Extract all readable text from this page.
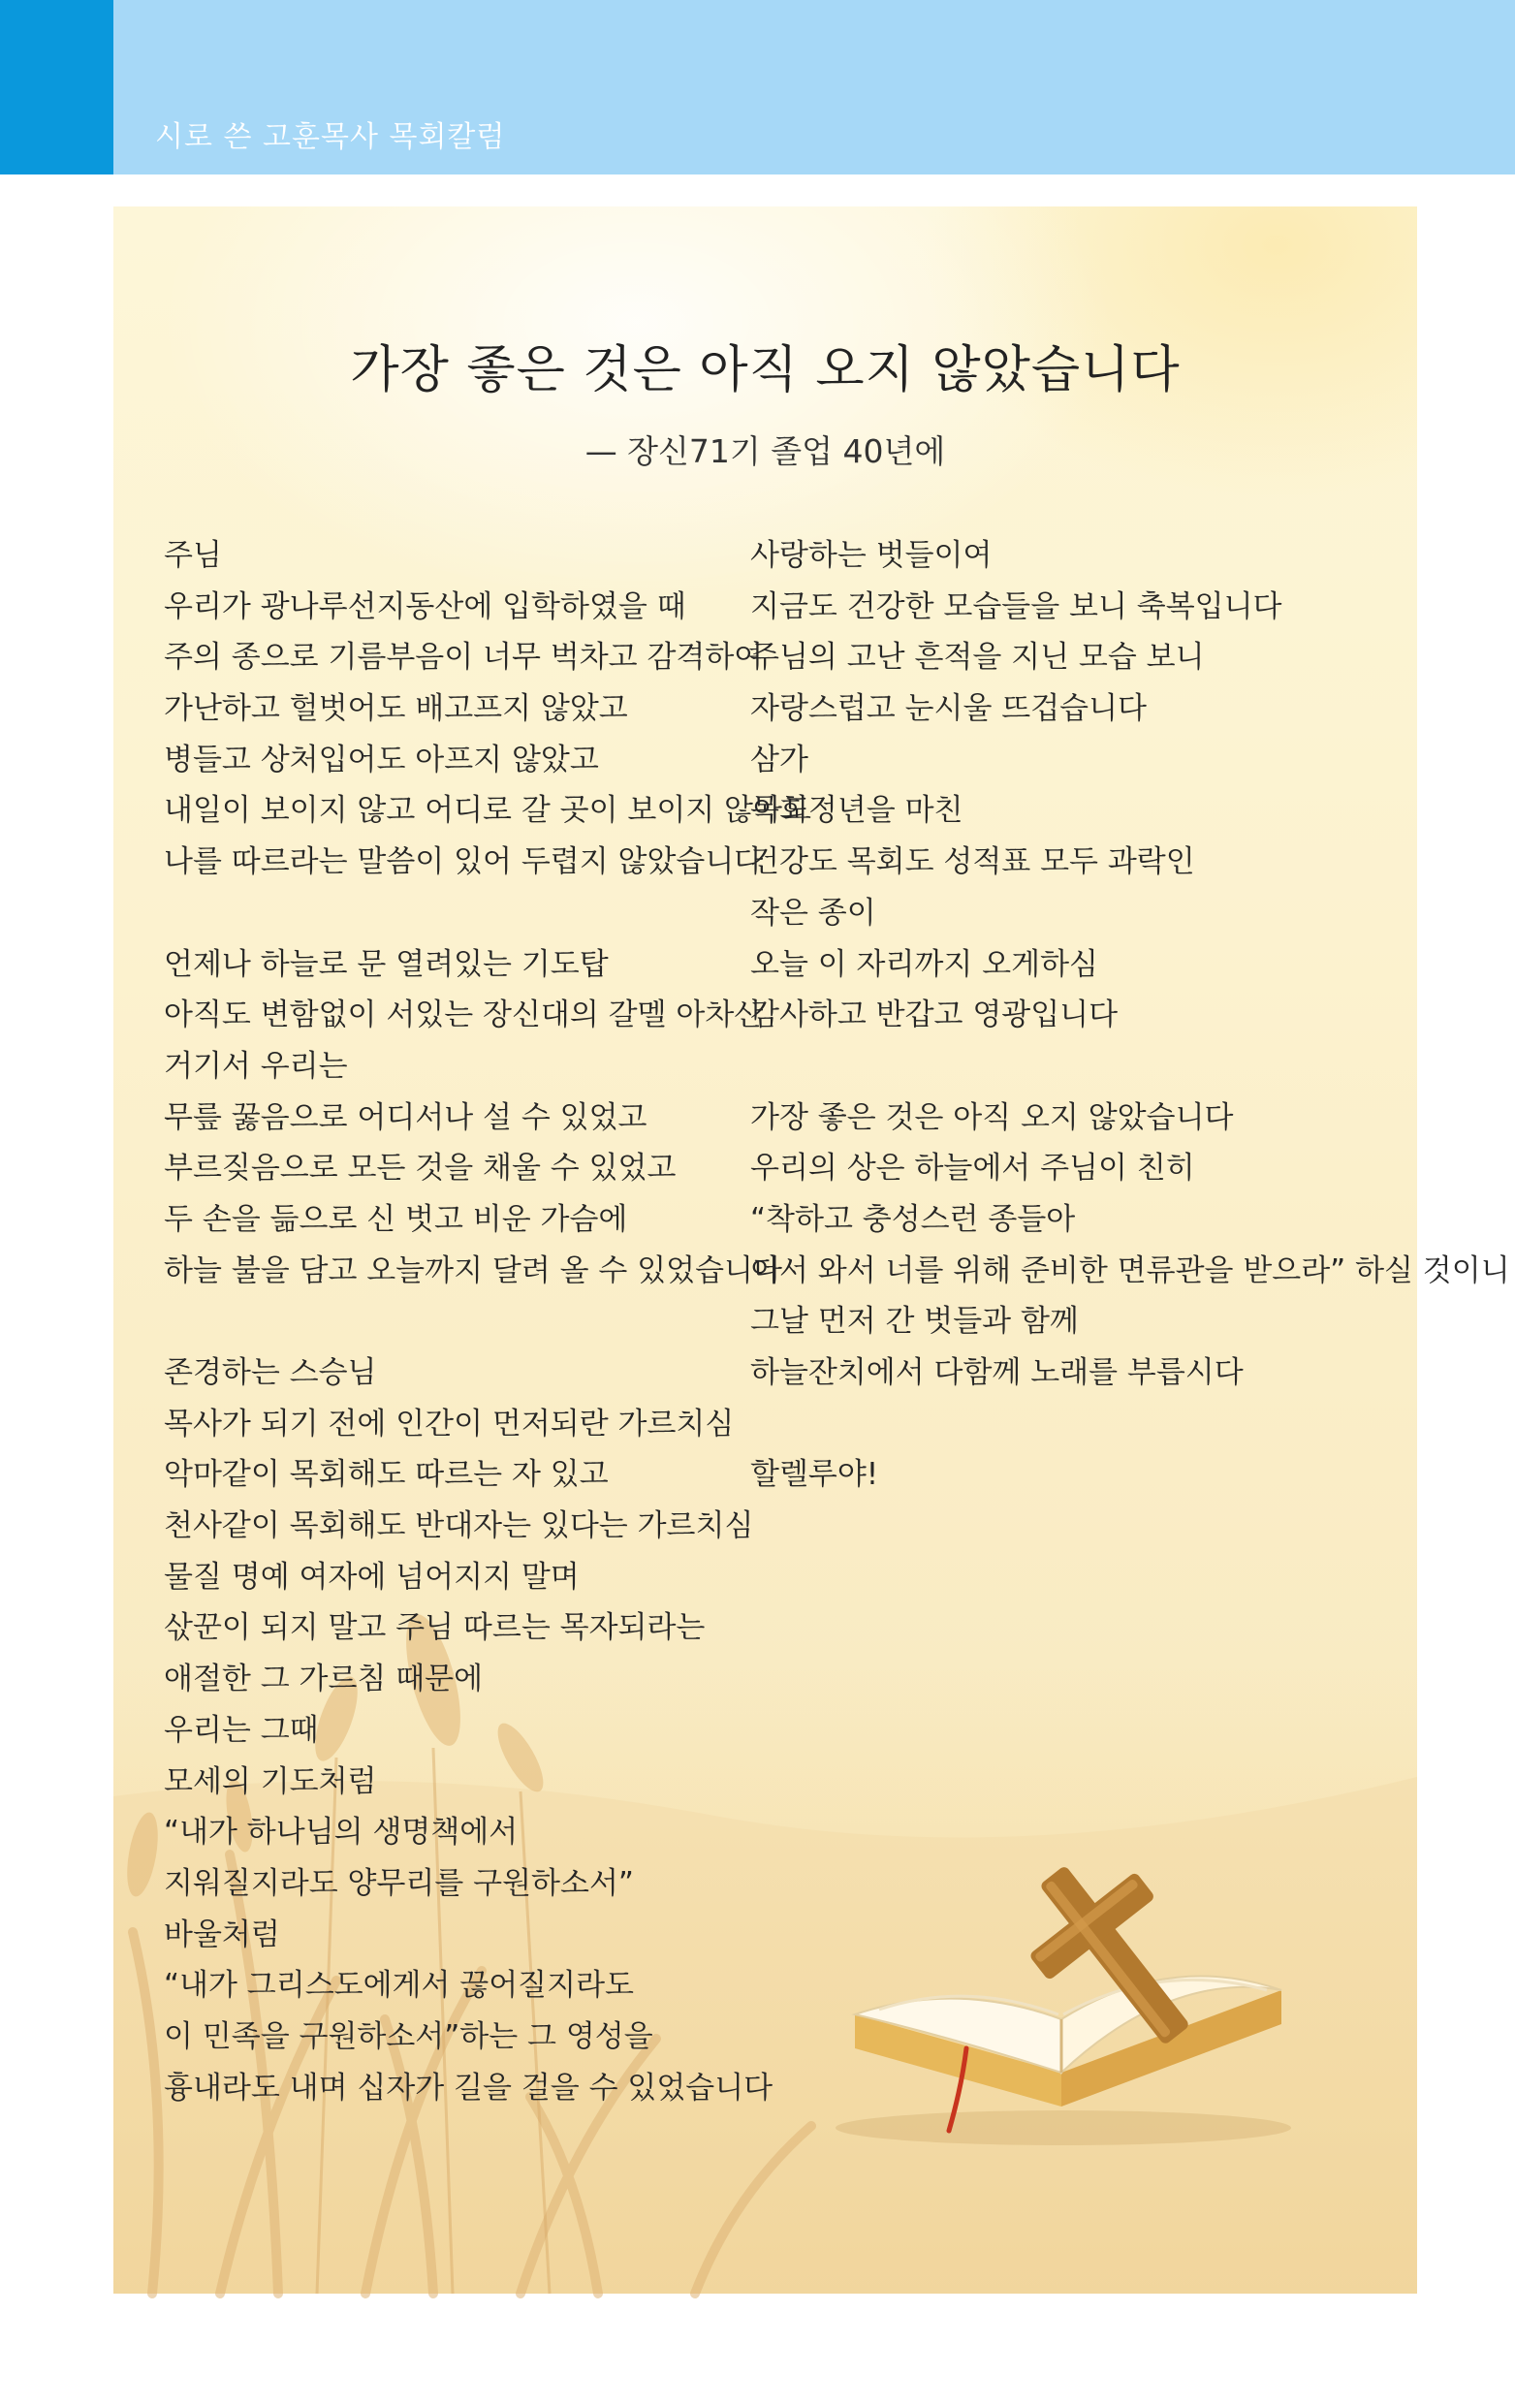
시로 쓴 고훈목사 목회칼럼
가장 좋은 것은 아직 오지 않았습니다
— 장신71기 졸업 40년에
주님
우리가 광나루선지동산에 입학하였을 때
주의 종으로 기름부음이 너무 벅차고 감격하여
가난하고 헐벗어도 배고프지 않았고
병들고 상처입어도 아프지 않았고
내일이 보이지 않고 어디로 갈 곳이 보이지 않아도
나를 따르라는 말씀이 있어 두렵지 않았습니다
언제나 하늘로 문 열려있는 기도탑
아직도 변함없이 서있는 장신대의 갈멜 아차산
거기서 우리는
무릎 꿇음으로 어디서나 설 수 있었고
부르짖음으로 모든 것을 채울 수 있었고
두 손을 듦으로 신 벗고 비운 가슴에
하늘 불을 담고 오늘까지 달려 올 수 있었습니다
존경하는 스승님
목사가 되기 전에 인간이 먼저되란 가르치심
악마같이 목회해도 따르는 자 있고
천사같이 목회해도 반대자는 있다는 가르치심
물질 명예 여자에 넘어지지 말며
삯꾼이 되지 말고 주님 따르는 목자되라는
애절한 그 가르침 때문에
우리는 그때
모세의 기도처럼
“내가 하나님의 생명책에서
지워질지라도 양무리를 구원하소서”
바울처럼
“내가 그리스도에게서 끊어질지라도
이 민족을 구원하소서”하는 그 영성을
흉내라도 내며 십자가 길을 걸을 수 있었습니다
사랑하는 벗들이여
지금도 건강한 모습들을 보니 축복입니다
주님의 고난 흔적을 지닌 모습 보니
자랑스럽고 눈시울 뜨겁습니다
삼가
목회정년을 마친
건강도 목회도 성적표 모두 과락인
작은 종이
오늘 이 자리까지 오게하심
감사하고 반갑고 영광입니다
가장 좋은 것은 아직 오지 않았습니다
우리의 상은 하늘에서 주님이 친히
“착하고 충성스런 종들아
어서 와서 너를 위해 준비한 면류관을 받으라” 하실 것이니
그날 먼저 간 벗들과 함께
하늘잔치에서 다함께 노래를 부릅시다
할렐루야!
